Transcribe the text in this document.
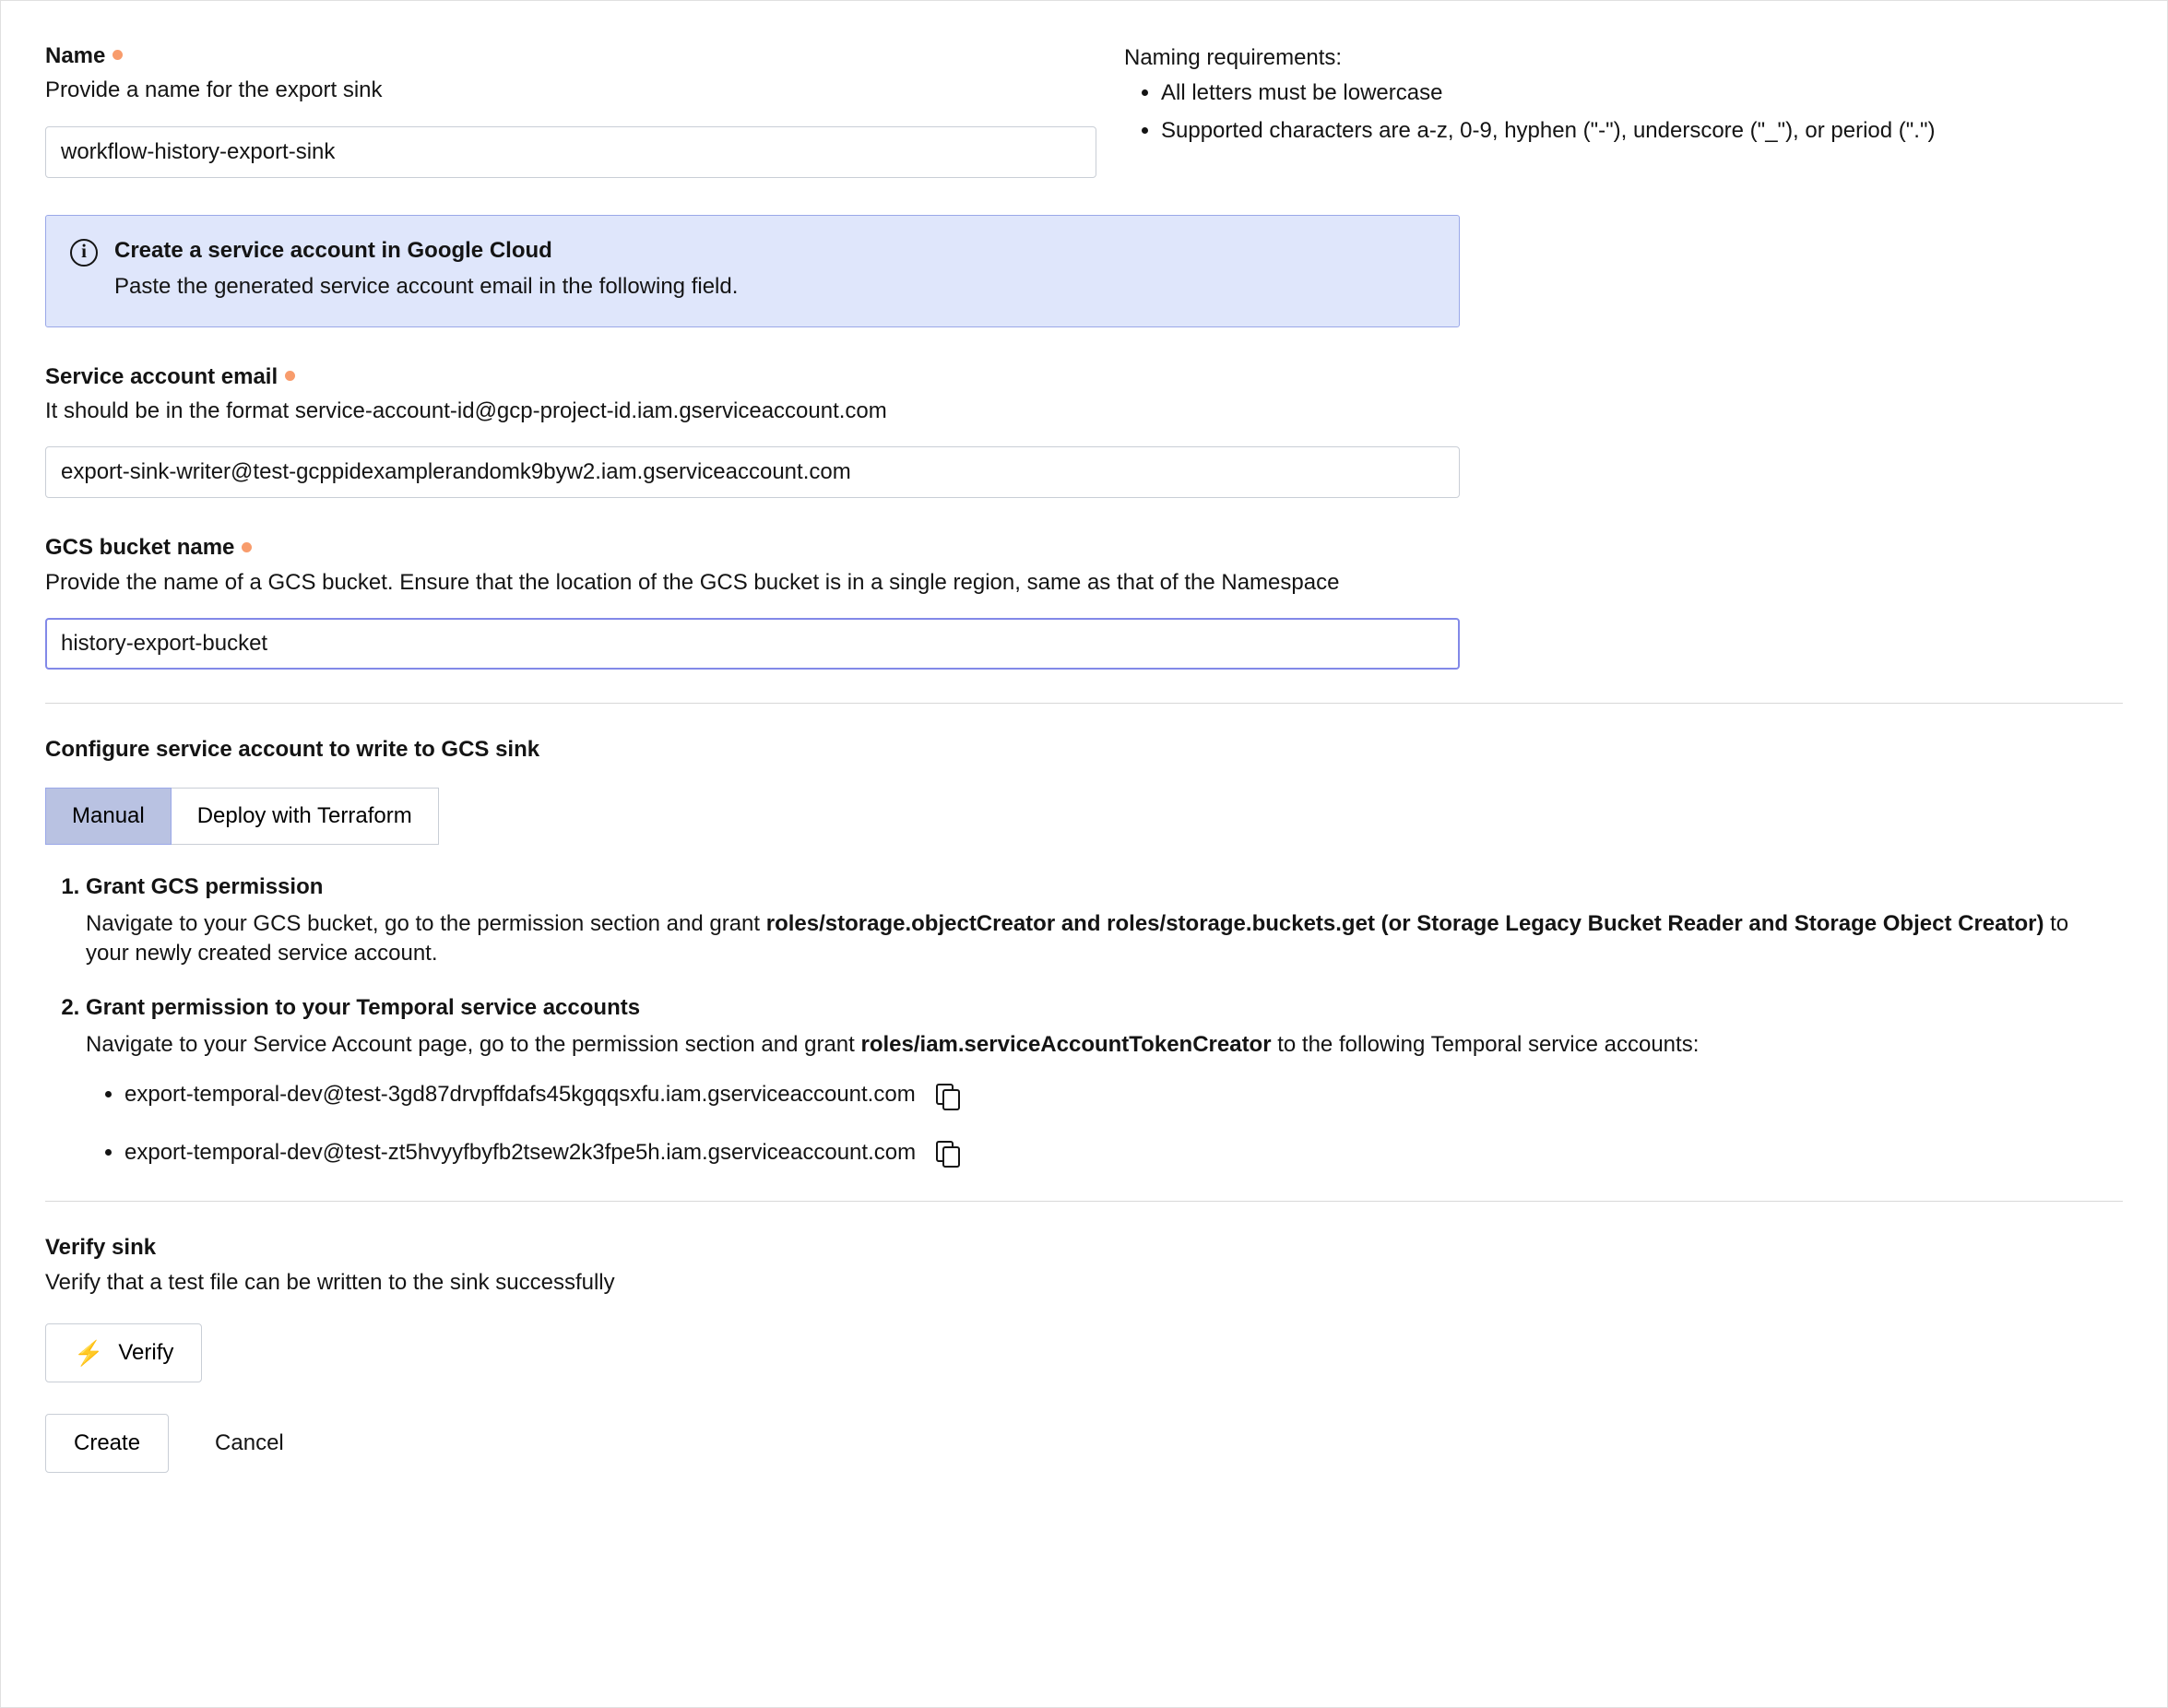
Name

Provide a name for the export sink

workflow-history-export-sink

Naming requirements:

• All letters must be lowercase
• Supported characters are a-z, 0-9, hyphen ("-"), underscore ("_"), or period (".")
i

Create a service account in Google Cloud

Paste the generated service account email in the following field.

Service account email

It should be in the format service-account-id@gcp-project-id.iam.gserviceaccount.com

export-sink-writer@test-gcppidexamplerandomk9byw2.iam.gserviceaccount.com
GCS bucket name

Provide the name of a GCS bucket. Ensure that the location of the GCS bucket is in a single region, same as that of the Namespace

history-export-bucket

Configure service account to write to GCS sink

Manual	Deploy with Terraform
1. Grant GCS permission
Navigate to your GCS bucket, go to the permission section and grant roles/storage.objectCreator and roles/storage.buckets.get (or Storage Legacy Bucket Reader and Storage Object Creator) to your newly created service account.
2. Grant permission to your Temporal service accounts
Navigate to your Service Account page, go to the permission section and grant roles/iam.serviceAccountTokenCreator to the following Temporal service accounts:
• export-temporal-dev@test-3gd87drvpffdafs45kgqqsxfu.iam.gserviceaccount.com
• export-temporal-dev@test-zt5hvyyfbyfb2tsew2k3fpe5h.iam.gserviceaccount.com

Verify sink

Verify that a test file can be written to the sink successfully

⚡ Verify
Create	Cancel
